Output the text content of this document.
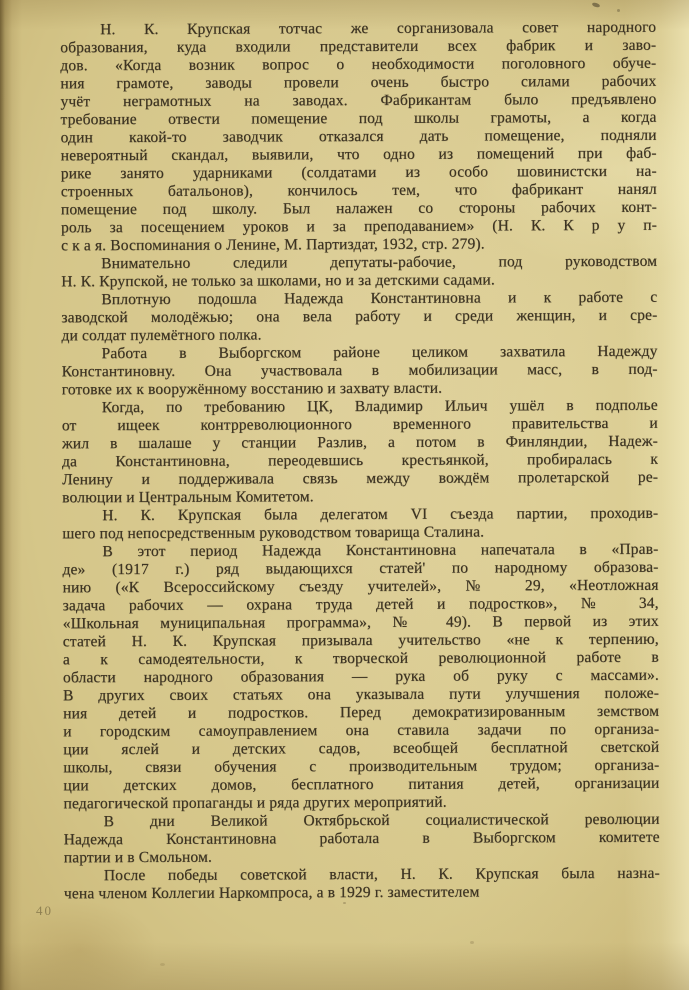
Н. К. Крупская тотчас же сорганизовала совет народного
образования, куда входили представители всех фабрик и заво-
дов. «Когда возник вопрос о необходимости поголовного обуче-
ния грамоте, заводы провели очень быстро силами рабочих
учёт неграмотных на заводах. Фабрикантам было предъявлено
требование отвести помещение под школы грамоты, а когда
один какой-то заводчик отказался дать помещение, подняли
невероятный скандал, выявили, что одно из помещений при фаб-
рике занято ударниками (солдатами из особо шовинистски на-
строенных батальонов), кончилось тем, что фабрикант нанял
помещение под школу. Был налажен со стороны рабочих конт-
роль за посещением уроков и за преподаванием» (Н. К. К р у п-
с к а я. Воспоминания о Ленине, М. Партиздат, 1932, стр. 279).
Внимательно следили депутаты-рабочие, под руководством
Н. К. Крупской, не только за школами, но и за детскими садами.
Вплотную подошла Надежда Константиновна и к работе с
заводской молодёжью; она вела работу и среди женщин, и сре-
ди солдат пулемётного полка.
Работа в Выборгском районе целиком захватила Надежду
Константиновну. Она участвовала в мобилизации масс, в под-
готовке их к вооружённому восстанию и захвату власти.
Когда, по требованию ЦК, Владимир Ильич ушёл в подполье
от ищеек контрреволюционного временного правительства и
жил в шалаше у станции Разлив, а потом в Финляндии, Надеж-
да Константиновна, переодевшись крестьянкой, пробиралась к
Ленину и поддерживала связь между вождём пролетарской ре-
волюции и Центральным Комитетом.
Н. К. Крупская была делегатом VI съезда партии, проходив-
шего под непосредственным руководством товарища Сталина.
В этот период Надежда Константиновна напечатала в «Прав-
де» (1917 г.) ряд выдающихся статей' по народному образова-
нию («К Всероссийскому съезду учителей», № 29, «Неотложная
задача рабочих — охрана труда детей и подростков», № 34,
«Школьная муниципальная программа», № 49). В первой из этих
статей Н. К. Крупская призывала учительство «не к терпению,
а к самодеятельности, к творческой революционной работе в
области народного образования — рука об руку с массами».
В других своих статьях она указывала пути улучшения положе-
ния детей и подростков. Перед демократизированным земством
и городским самоуправлением она ставила задачи по организа-
ции яслей и детских садов, всеобщей бесплатной светской
школы, связи обучения с производительным трудом; организа-
ции детских домов, бесплатного питания детей, организации
педагогической пропаганды и ряда других мероприятий.
В дни Великой Октябрьской социалистической революции
Надежда Константиновна работала в Выборгском комитете
партии и в Смольном.
После победы советской власти, Н. К. Крупская была назна-
чена членом Коллегии Наркомпроса, а в 1929 г. заместителем
40
